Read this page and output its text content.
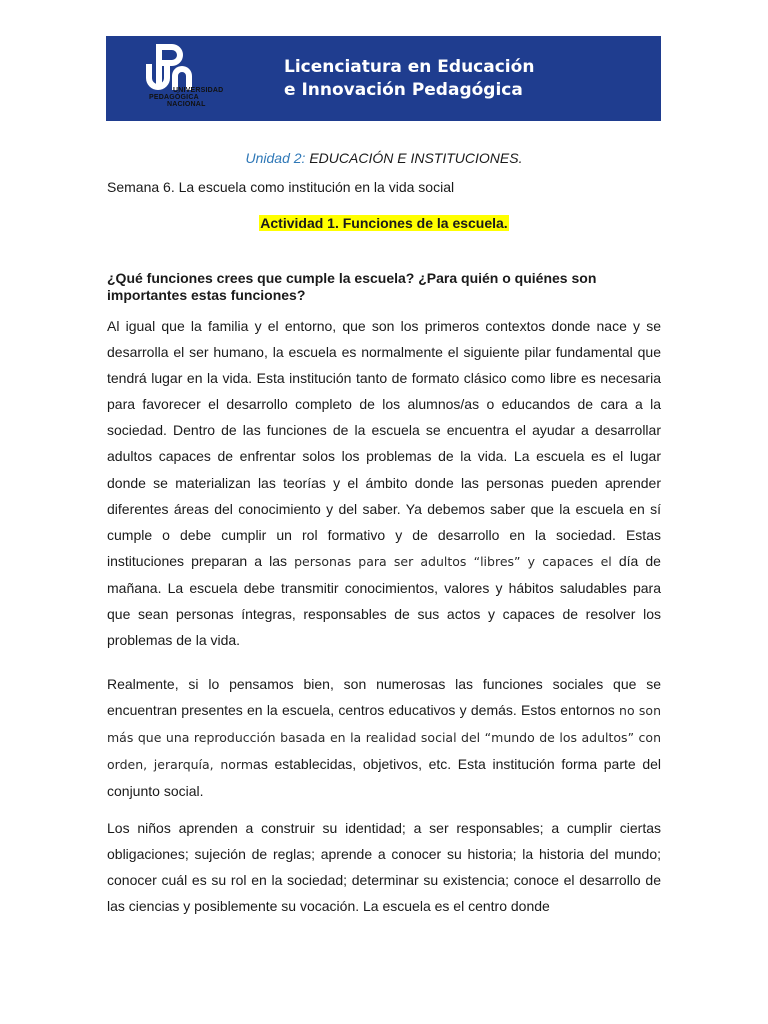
UNIVERSIDAD
PEDAGÓGICA
NACIONAL
Licenciatura en Educación
e Innovación Pedagógica
Unidad 2: EDUCACIÓN E INSTITUCIONES.
Semana 6. La escuela como institución en la vida social
Actividad 1. Funciones de la escuela.
¿Qué funciones crees que cumple la escuela? ¿Para quién o quiénes son importantes estas funciones?
Al igual que la familia y el entorno, que son los primeros contextos donde nace y se desarrolla el ser humano, la escuela es normalmente el siguiente pilar fundamental que tendrá lugar en la vida. Esta institución tanto de formato clásico como libre es necesaria para favorecer el desarrollo completo de los alumnos/as o educandos de cara a la sociedad. Dentro de las funciones de la escuela se encuentra el ayudar a desarrollar adultos capaces de enfrentar solos los problemas de la vida. La escuela es el lugar donde se materializan las teorías y el ámbito donde las personas pueden aprender diferentes áreas del conocimiento y del saber. Ya debemos saber que la escuela en sí cumple o debe cumplir un rol formativo y de desarrollo en la sociedad. Estas instituciones preparan a las personas para ser adultos “libres” y capaces el día de mañana. La escuela debe transmitir conocimientos, valores y hábitos saludables para que sean personas íntegras, responsables de sus actos y capaces de resolver los problemas de la vida.
Realmente, si lo pensamos bien, son numerosas las funciones sociales que se encuentran presentes en la escuela, centros educativos y demás. Estos entornos no son más que una reproducción basada en la realidad social del “mundo de los adultos” con orden, jerarquía, normas establecidas, objetivos, etc. Esta institución forma parte del conjunto social.
Los niños aprenden a construir su identidad; a ser responsables; a cumplir ciertas obligaciones; sujeción de reglas; aprende a conocer su historia; la historia del mundo; conocer cuál es su rol en la sociedad; determinar su existencia; conoce el desarrollo de las ciencias y posiblemente su vocación. La escuela es el centro donde
